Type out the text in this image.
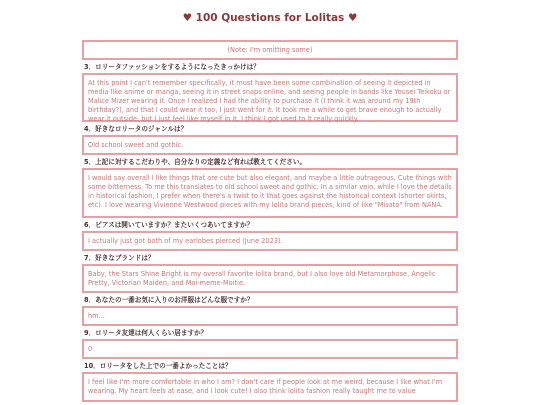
♥ 100 Questions for Lolitas ♥
(Note: I'm omitting some)
3．ロリータファッションをするようになったきっかけは？
At this point I can't remember specifically, it must have been some combination of seeing it depicted in media like anime or manga, seeing it in street snaps online, and seeing people in bands like Yousei Teikoku or Malice Mizer wearing it. Once I realized I had the ability to purchase it (I think it was around my 19th birthday?), and that I could wear it too, I just went for it. It took me a while to get brave enough to actually wear it outside, but I just feel like myself in it, I think I got used to it really quickly.
4．好きなロリータのジャンルは？
Old school sweet and gothic.
5．上記に対するこだわりや、自分なりの定義など有れば教えてください。
I would say overall I like things that are cute but also elegant, and maybe a little outrageous. Cute things with some bitterness. To me this translates to old school sweet and gothic. In a similar vein, while I love the details in historical fashion, I prefer when there's a twist to it that goes against the historical context (shorter skirts, etc). I love wearing Vivienne Westwood pieces with my lolita brand pieces, kind of like "Misato" from NANA.
6．ピアスは開いていますか？またいくつあいてますか？
I actually just got both of my earlobes pierced (June 2023).
7．好きなブランドは？
Baby, the Stars Shine Bright is my overall favorite lolita brand, but I also love old Metamorphose, Angelic Pretty, Victorian Maiden, and Moi-meme-Moitie.
8．あなたの一番お気に入りのお洋服はどんな服ですか？
hm...
9．ロリータ友達は何人くらい居ますか？
0
10．ロリータをした上での一番よかったことは？
I feel like I'm more comfortable in who I am? I don't care if people look at me weird, because I like what I'm wearing. My heart feels at ease, and I look cute! I also think lolita fashion really taught me to value
